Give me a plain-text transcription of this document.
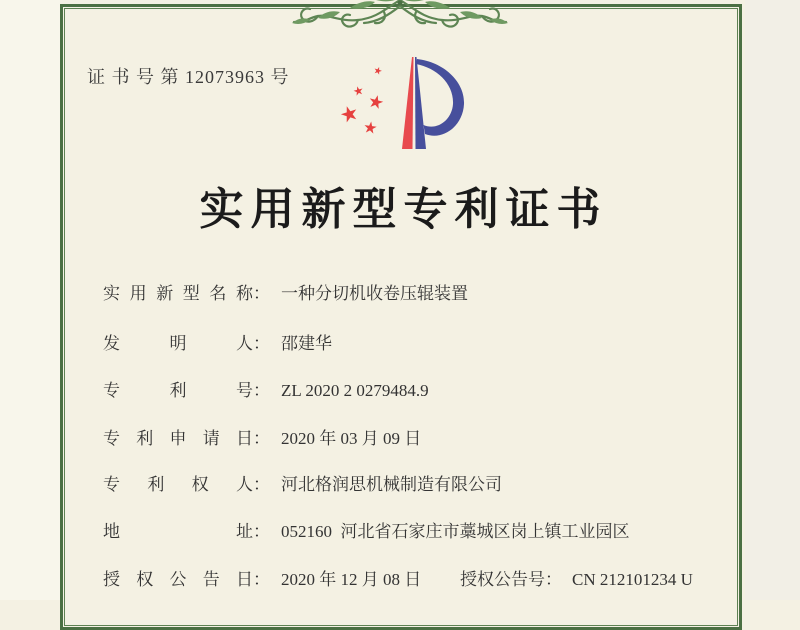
证 书 号 第 12073963 号	★
★ ★
★
★
实用新型专利证书
实用新型名称： 一种分切机收卷压辊装置
发明人： 邵建华
专利号： ZL 2020 2 0279484.9
专利申请日： 2020 年 03 月 09 日
专利权人： 河北格润思机械制造有限公司
地址： 052160  河北省石家庄市藁城区岗上镇工业园区
授权公告日： 2020 年 12 月 08 日 授权公告号： CN 212101234 U
